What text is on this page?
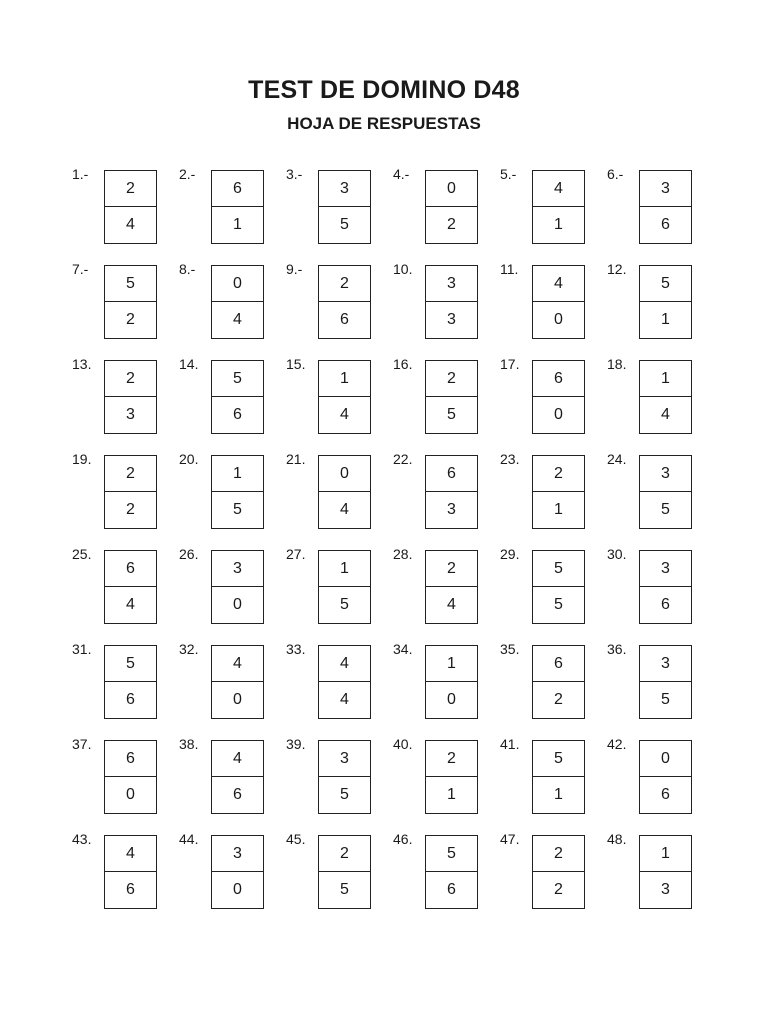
TEST DE DOMINO D48
HOJA DE RESPUESTAS
1.-
2
4
2.-
6
1
3.-
3
5
4.-
0
2
5.-
4
1
6.-
3
6
7.-
5
2
8.-
0
4
9.-
2
6
10.
3
3
11.
4
0
12.
5
1
13.
2
3
14.
5
6
15.
1
4
16.
2
5
17.
6
0
18.
1
4
19.
2
2
20.
1
5
21.
0
4
22.
6
3
23.
2
1
24.
3
5
25.
6
4
26.
3
0
27.
1
5
28.
2
4
29.
5
5
30.
3
6
31.
5
6
32.
4
0
33.
4
4
34.
1
0
35.
6
2
36.
3
5
37.
6
0
38.
4
6
39.
3
5
40.
2
1
41.
5
1
42.
0
6
43.
4
6
44.
3
0
45.
2
5
46.
5
6
47.
2
2
48.
1
3
